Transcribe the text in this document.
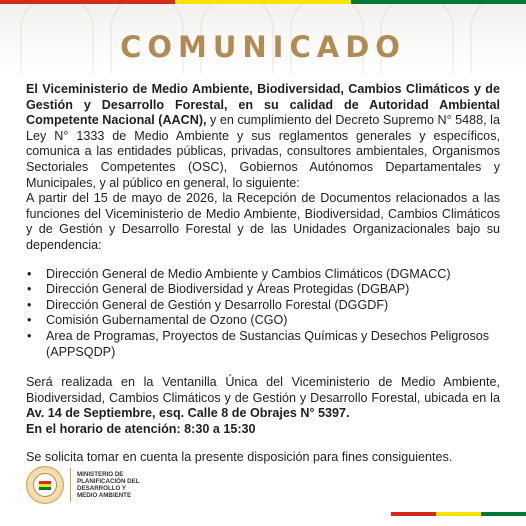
COMUNICADO

El Viceministerio de Medio Ambiente, Biodiversidad, Cambios Climáticos y de Gestión y Desarrollo Forestal, en su calidad de Autoridad Ambiental Competente Nacional (AACN), y en cumplimiento del Decreto Supremo N° 5488, la Ley N° 1333 de Medio Ambiente y sus reglamentos generales y específicos, comunica a las entidades públicas, privadas, consultores ambientales, Organismos Sectoriales Competentes (OSC), Gobiernos Autónomos Departamentales y Municipales, y al público en general, lo siguiente:

A partir del 15 de mayo de 2026, la Recepción de Documentos relacionados a las funciones del Viceministerio de Medio Ambiente, Biodiversidad, Cambios Climáticos y de Gestión y Desarrollo Forestal y de las Unidades Organizacionales bajo su dependencia:

• Dirección General de Medio Ambiente y Cambios Climáticos (DGMACC)
• Dirección General de Biodiversidad y Áreas Protegidas (DGBAP)
• Dirección General de Gestión y Desarrollo Forestal (DGGDF)
• Comisión Gubernamental de Ozono (CGO)
• Area de Programas, Proyectos de Sustancias Químicas y Desechos Peligrosos (APPSQDP)

Será realizada en la Ventanilla Única del Viceministerio de Medio Ambiente, Biodiversidad, Cambios Climáticos y de Gestión y Desarrollo Forestal, ubicada en la Av. 14 de Septiembre, esq. Calle 8 de Obrajes N° 5397.

En el horario de atención: 8:30 a 15:30

Se solicita tomar en cuenta la presente disposición para fines consiguientes.

MINISTERIO DE
PLANIFICACIÓN DEL
DESARROLLO Y
MEDIO AMBIENTE
